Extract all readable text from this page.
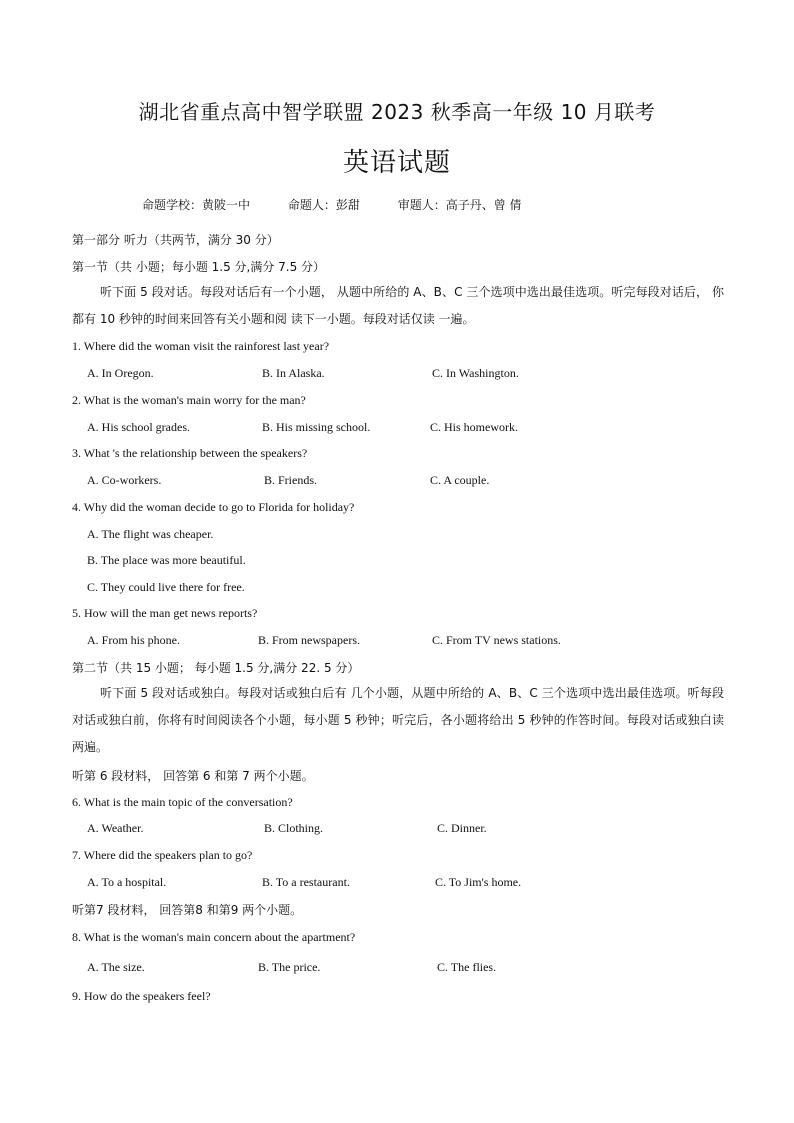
湖北省重点高中智学联盟 2023 秋季高一年级 10 月联考
英语试题
命题学校：黄陂一中	命题人：彭甜	审题人：高子丹、曾 倩
第一部分 听力（共两节，满分 30 分）
第一节（共 小题；每小题 1.5 分,满分 7.5 分）
听下面 5 段对话。每段对话后有一个小题， 从题中所给的 A、B、C 三个选项中选出最佳选项。听完每段对话后， 你都有 10 秒钟的时间来回答有关小题和阅 读下一小题。每段对话仅读 一遍。
1. Where did the woman visit the rainforest last year?
A. In Oregon.	B. In Alaska.	C. In Washington.
2. What is the woman's main worry for the man?
A. His school grades.	B. His missing school.	C. His homework.
3. What 's the relationship between the speakers?
A. Co-workers.	B. Friends.	C. A couple.
4. Why did the woman decide to go to Florida for holiday?
A. The flight was cheaper.
B. The place was more beautiful.
C. They could live there for free.
5. How will the man get news reports?
A. From his phone.	B. From newspapers.	C. From TV news stations.
第二节（共 15 小题； 每小题 1.5 分,满分 22. 5 分）
听下面 5 段对话或独白。每段对话或独白后有 几个小题，从题中所给的 A、B、C 三个选项中选出最佳选项。听每段对话或独白前，你将有时间阅读各个小题，每小题 5 秒钟；听完后，各小题将给出 5 秒钟的作答时间。每段对话或独白读两遍。
听第 6 段材料， 回答第 6 和第 7 两个小题。
6. What is the main topic of the conversation?
A. Weather.	B. Clothing.	C. Dinner.
7. Where did the speakers plan to go?
A. To a hospital.	B. To a restaurant.	C. To Jim's home.
听第7 段材料， 回答第8 和第9 两个小题。
8. What is the woman's main concern about the apartment?
A. The size.	B. The price.	C. The flies.
9. How do the speakers feel?
